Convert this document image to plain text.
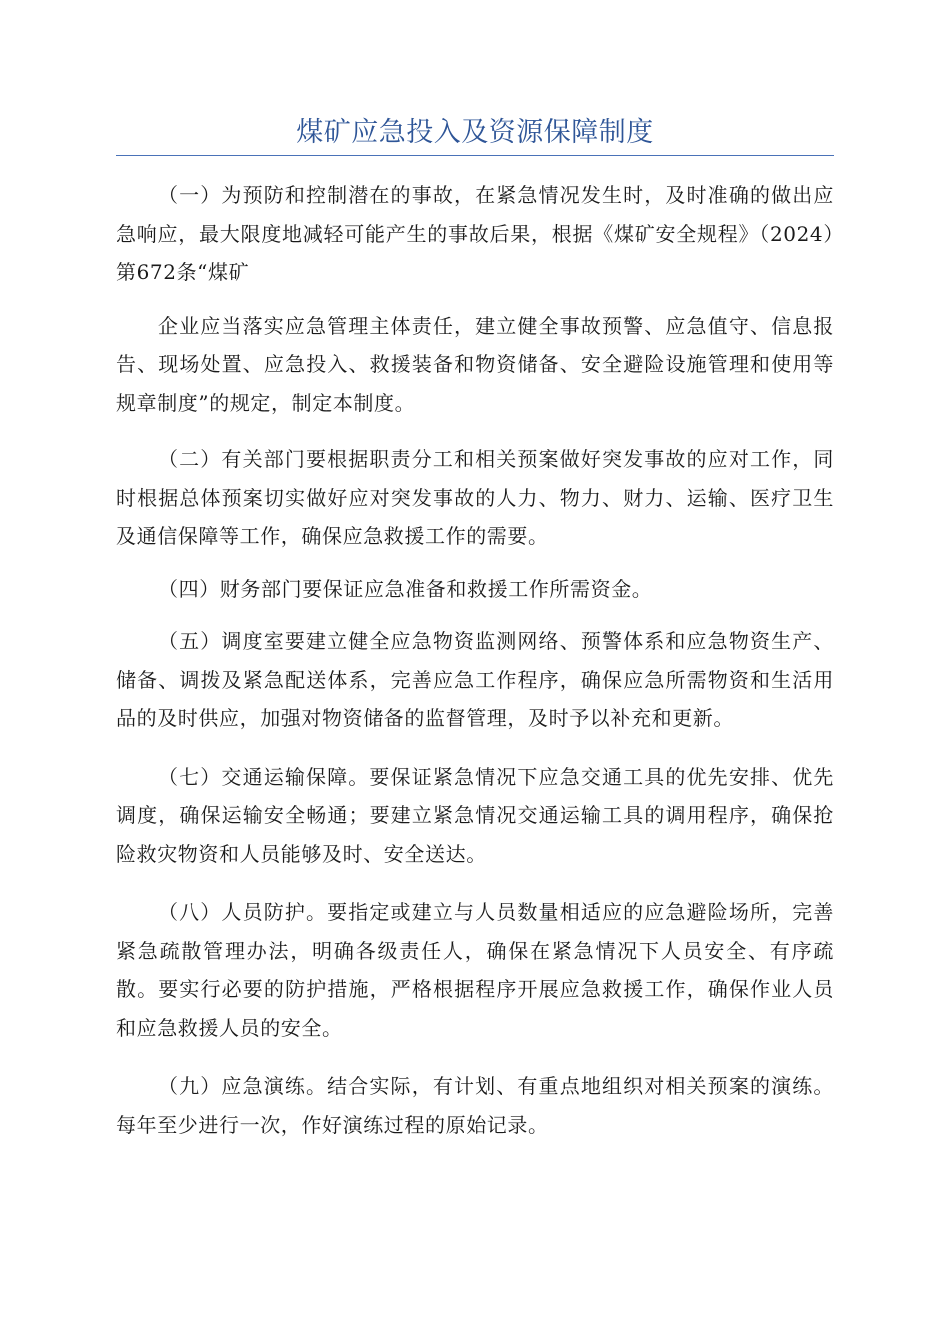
煤矿应急投入及资源保障制度

（一）为预防和控制潜在的事故，在紧急情况发生时，及时准确的做出应急响应，最大限度地减轻可能产生的事故后果，根据《煤矿安全规程》（2024）第672条“煤矿

企业应当落实应急管理主体责任，建立健全事故预警、应急值守、信息报告、现场处置、应急投入、救援装备和物资储备、安全避险设施管理和使用等规章制度”的规定，制定本制度。

（二）有关部门要根据职责分工和相关预案做好突发事故的应对工作，同时根据总体预案切实做好应对突发事故的人力、物力、财力、运输、医疗卫生及通信保障等工作，确保应急救援工作的需要。

（四）财务部门要保证应急准备和救援工作所需资金。

（五）调度室要建立健全应急物资监测网络、预警体系和应急物资生产、储备、调拨及紧急配送体系，完善应急工作程序，确保应急所需物资和生活用品的及时供应，加强对物资储备的监督管理，及时予以补充和更新。

（七）交通运输保障。要保证紧急情况下应急交通工具的优先安排、优先调度，确保运输安全畅通；要建立紧急情况交通运输工具的调用程序，确保抢险救灾物资和人员能够及时、安全送达。

（八）人员防护。要指定或建立与人员数量相适应的应急避险场所，完善紧急疏散管理办法，明确各级责任人，确保在紧急情况下人员安全、有序疏散。要实行必要的防护措施，严格根据程序开展应急救援工作，确保作业人员和应急救援人员的安全。

（九）应急演练。结合实际，有计划、有重点地组织对相关预案的演练。每年至少进行一次，作好演练过程的原始记录。
